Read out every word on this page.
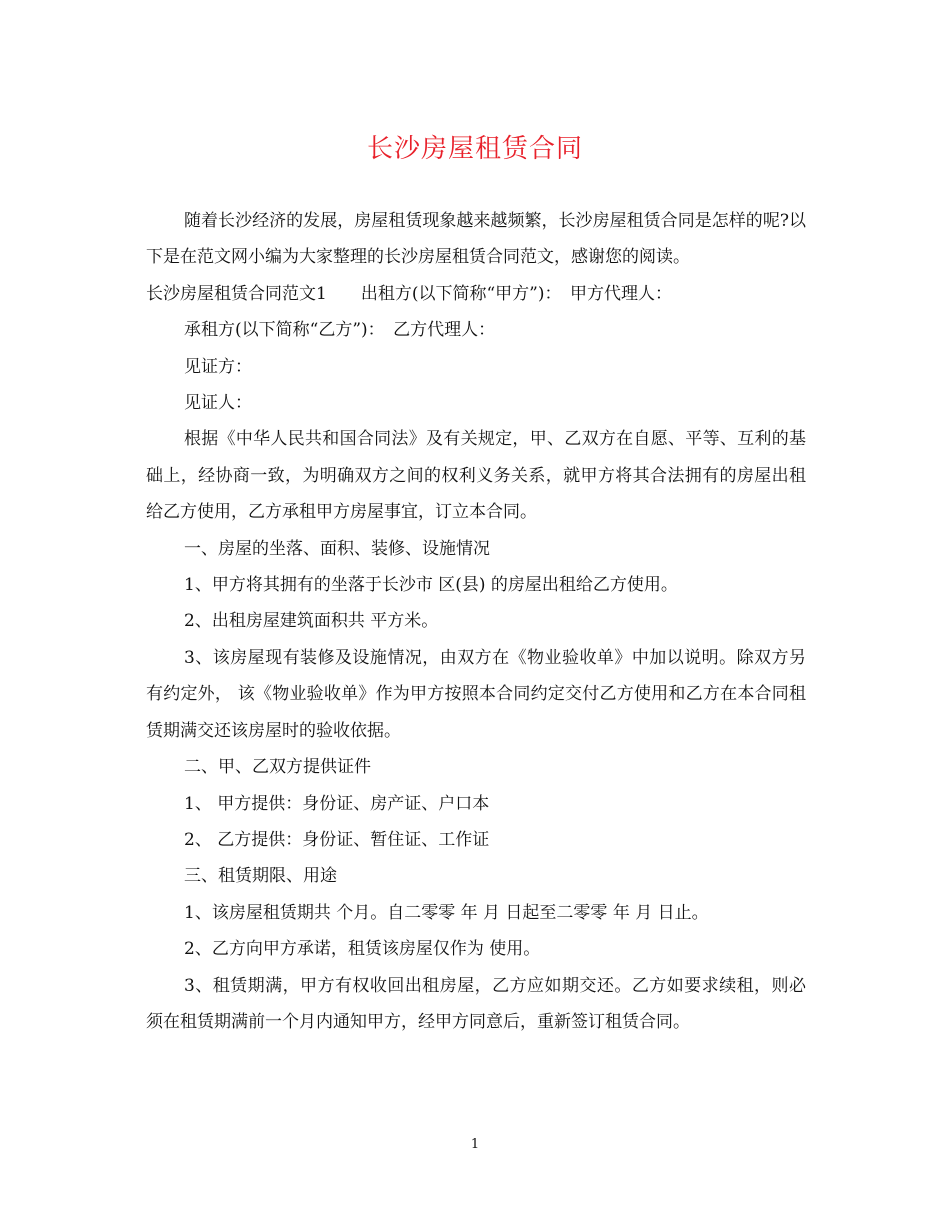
长沙房屋租赁合同

随着长沙经济的发展，房屋租赁现象越来越频繁，长沙房屋租赁合同是怎样的呢?以下是在范文网小编为大家整理的长沙房屋租赁合同范文，感谢您的阅读。

长沙房屋租赁合同范文1　　出租方(以下简称“甲方”)：　甲方代理人：

承租方(以下简称“乙方”)：　乙方代理人：

见证方：

见证人：

根据《中华人民共和国合同法》及有关规定，甲、乙双方在自愿、平等、互利的基础上，经协商一致，为明确双方之间的权利义务关系，就甲方将其合法拥有的房屋出租给乙方使用，乙方承租甲方房屋事宜，订立本合同。

一、房屋的坐落、面积、装修、设施情况

1、甲方将其拥有的坐落于长沙市 区(县) 的房屋出租给乙方使用。

2、出租房屋建筑面积共 平方米。

3、该房屋现有装修及设施情况，由双方在《物业验收单》中加以说明。除双方另有约定外， 该《物业验收单》作为甲方按照本合同约定交付乙方使用和乙方在本合同租赁期满交还该房屋时的验收依据。

二、甲、乙双方提供证件

1、 甲方提供：身份证、房产证、户口本

2、 乙方提供：身份证、暂住证、工作证

三、租赁期限、用途

1、该房屋租赁期共 个月。自二零零 年 月 日起至二零零 年 月 日止。

2、乙方向甲方承诺，租赁该房屋仅作为 使用。

3、租赁期满，甲方有权收回出租房屋，乙方应如期交还。乙方如要求续租，则必须在租赁期满前一个月内通知甲方，经甲方同意后，重新签订租赁合同。

1
